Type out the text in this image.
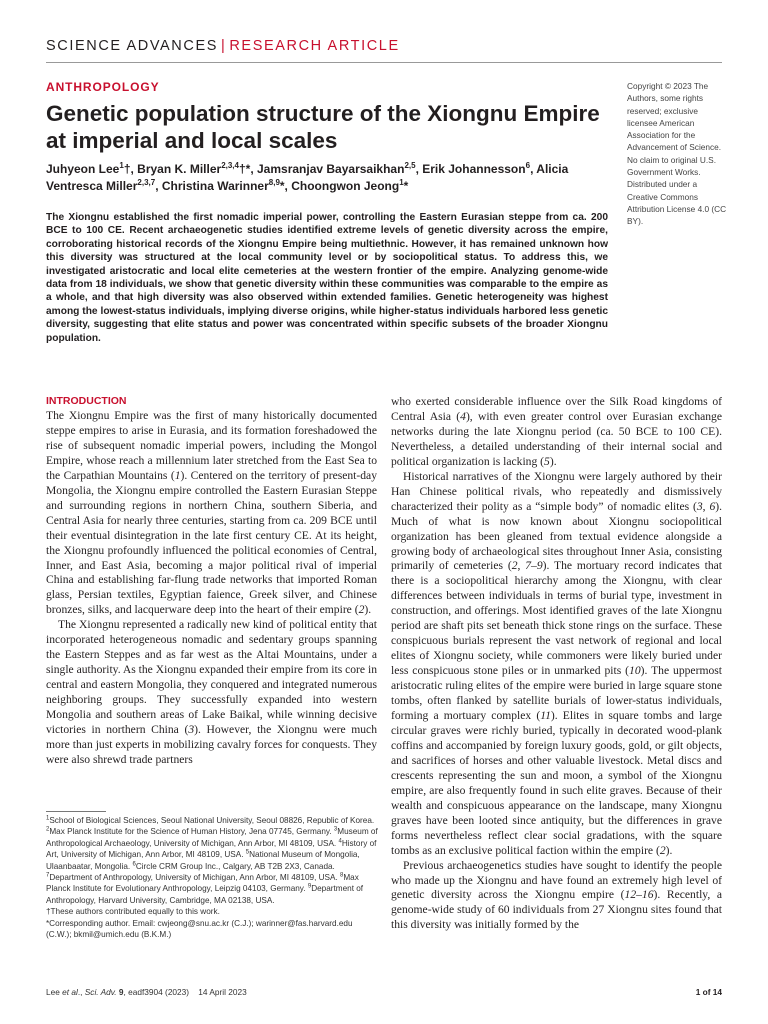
SCIENCE ADVANCES | RESEARCH ARTICLE
ANTHROPOLOGY
Genetic population structure of the Xiongnu Empire at imperial and local scales
Juhyeon Lee$^1$†, Bryan K. Miller$^{2,3,4}$†*, Jamsranjav Bayarsaikhan$^{2,5}$, Erik Johannesson$^6$, Alicia Ventresca Miller$^{2,3,7}$, Christina Warinner$^{8,9}$*, Choongwon Jeong$^1$*

The Xiongnu established the first nomadic imperial power, controlling the Eastern Eurasian steppe from ca. 200 BCE to 100 CE. Recent archaeogenetic studies identified extreme levels of genetic diversity across the empire, corroborating historical records of the Xiongnu Empire being multiethnic. However, it has remained unknown how this diversity was structured at the local community level or by sociopolitical status. To address this, we investigated aristocratic and local elite cemeteries at the western frontier of the empire. Analyzing genome-wide data from 18 individuals, we show that genetic diversity within these communities was comparable to the empire as a whole, and that high diversity was also observed within extended families. Genetic heterogeneity was highest among the lowest-status individuals, implying diverse origins, while higher-status individuals harbored less genetic diversity, suggesting that elite status and power was concentrated within specific subsets of the broader Xiongnu population.

Copyright © 2023 The Authors, some rights reserved; exclusive licensee American Association for the Advancement of Science. No claim to original U.S. Government Works. Distributed under a Creative Commons Attribution License 4.0 (CC BY).
INTRODUCTION

The Xiongnu Empire was the first of many historically documented steppe empires to arise in Eurasia, and its formation foreshadowed the rise of subsequent nomadic imperial powers, including the Mongol Empire, whose reach a millennium later stretched from the East Sea to the Carpathian Mountains (1). Centered on the territory of present-day Mongolia, the Xiongnu empire controlled the Eastern Eurasian Steppe and surrounding regions in northern China, southern Siberia, and Central Asia for nearly three centuries, starting from ca. 209 BCE until their eventual disintegration in the late first century CE. At its height, the Xiongnu profoundly influenced the political economies of Central, Inner, and East Asia, becoming a major political rival of imperial China and establishing far-flung trade networks that imported Roman glass, Persian textiles, Egyptian faience, Greek silver, and Chinese bronzes, silks, and lacquerware deep into the heart of their empire (2).

The Xiongnu represented a radically new kind of political entity that incorporated heterogeneous nomadic and sedentary groups spanning the Eastern Steppes and as far west as the Altai Mountains, under a single authority. As the Xiongnu expanded their empire from its core in central and eastern Mongolia, they conquered and integrated numerous neighboring groups. They successfully expanded into western Mongolia and southern areas of Lake Baikal, while winning decisive victories in northern China (3). However, the Xiongnu were much more than just experts in mobilizing cavalry forces for conquests. They were also shrewd trade partners

who exerted considerable influence over the Silk Road kingdoms of Central Asia (4), with even greater control over Eurasian exchange networks during the late Xiongnu period (ca. 50 BCE to 100 CE). Nevertheless, a detailed understanding of their internal social and political organization is lacking (5).

Historical narratives of the Xiongnu were largely authored by their Han Chinese political rivals, who repeatedly and dismissively characterized their polity as a “simple body” of nomadic elites (3, 6). Much of what is now known about Xiongnu sociopolitical organization has been gleaned from textual evidence alongside a growing body of archaeological sites throughout Inner Asia, consisting primarily of cemeteries (2, 7–9). The mortuary record indicates that there is a sociopolitical hierarchy among the Xiongnu, with clear differences between individuals in terms of burial type, investment in construction, and offerings. Most identified graves of the late Xiongnu period are shaft pits set beneath thick stone rings on the surface. These conspicuous burials represent the vast network of regional and local elites of Xiongnu society, while commoners were likely buried under less conspicuous stone piles or in unmarked pits (10). The uppermost aristocratic ruling elites of the empire were buried in large square stone tombs, often flanked by satellite burials of lower-status individuals, forming a mortuary complex (11). Elites in square tombs and large circular graves were richly buried, typically in decorated wood-plank coffins and accompanied by foreign luxury goods, gold, or gilt objects, and sacrifices of horses and other valuable livestock. Metal discs and crescents representing the sun and moon, a symbol of the Xiongnu empire, are also frequently found in such elite graves. Because of their wealth and conspicuous appearance on the landscape, many Xiongnu graves have been looted since antiquity, but the differences in grave forms nevertheless reflect clear social gradations, with the square tombs as an exclusive political faction within the empire (2).

Previous archaeogenetics studies have sought to identify the people who made up the Xiongnu and have found an extremely high level of genetic diversity across the Xiongnu empire (12–16). Recently, a genome-wide study of 60 individuals from 27 Xiongnu sites found that this diversity was initially formed by the

$^1$School of Biological Sciences, Seoul National University, Seoul 08826, Republic of Korea. $^2$Max Planck Institute for the Science of Human History, Jena 07745, Germany. $^3$Museum of Anthropological Archaeology, University of Michigan, Ann Arbor, MI 48109, USA. $^4$History of Art, University of Michigan, Ann Arbor, MI 48109, USA. $^5$National Museum of Mongolia, Ulaanbaatar, Mongolia. $^6$Circle CRM Group Inc., Calgary, AB T2B 2X3, Canada. $^7$Department of Anthropology, University of Michigan, Ann Arbor, MI 48109, USA. $^8$Max Planck Institute for Evolutionary Anthropology, Leipzig 04103, Germany. $^9$Department of Anthropology, Harvard University, Cambridge, MA 02138, USA.

†These authors contributed equally to this work.

*Corresponding author. Email: cwjeong@snu.ac.kr (C.J.); warinner@fas.harvard.edu (C.W.); bkmil@umich.edu (B.K.M.)

Lee et al., Sci. Adv. 9, eadf3904 (2023)    14 April 2023	1 of 14
